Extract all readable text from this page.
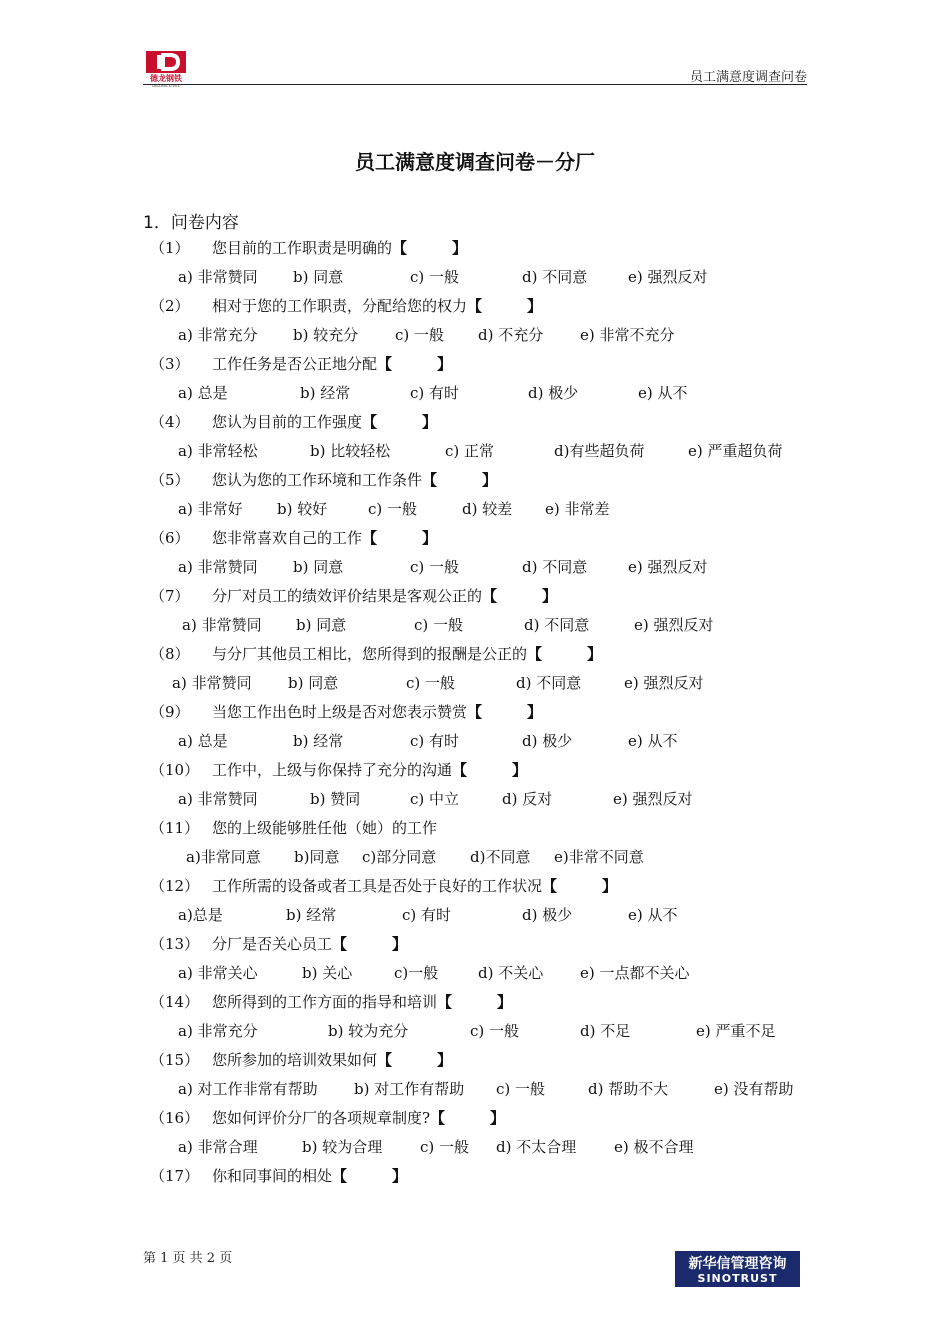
德龙钢铁
DELONG STEEL
员工满意度调查问卷
员工满意度调查问卷－分厂
1．问卷内容
（1） 您目前的工作职责是明确的【　　　】
a) 非常赞同 b) 同意	c) 一般	d) 不同意	e) 强烈反对
（2） 相对于您的工作职责，分配给您的权力【　　　】
a) 非常充分 b) 较充分 c) 一般 d) 不充分 e) 非常不充分
（3） 工作任务是否公正地分配【　　　】
a) 总是	b) 经常	c) 有时	d) 极少	e) 从不
（4） 您认为目前的工作强度【　　　】
a) 非常轻松	b) 比较轻松	c) 正常	d)有些超负荷	e) 严重超负荷
（5） 您认为您的工作环境和工作条件【　　　】
a) 非常好 b) 较好	c) 一般	d) 较差 e) 非常差
（6） 您非常喜欢自己的工作【　　　】
a) 非常赞同 b) 同意	c) 一般	d) 不同意	e) 强烈反对
（7） 分厂对员工的绩效评价结果是客观公正的【　　　】
a) 非常赞同 b) 同意	c) 一般	d) 不同意	e) 强烈反对
（8） 与分厂其他员工相比，您所得到的报酬是公正的【　　　】
a) 非常赞同 b) 同意	c) 一般	d) 不同意	e) 强烈反对
（9） 当您工作出色时上级是否对您表示赞赏【　　　】
a) 总是	b) 经常	c) 有时	d) 极少	e) 从不
（10） 工作中，上级与你保持了充分的沟通【　　　】
a) 非常赞同	b) 赞同	c) 中立	d) 反对	e) 强烈反对
（11） 您的上级能够胜任他（她）的工作
a)非常同意 b)同意 c)部分同意 d)不同意 e)非常不同意
（12） 工作所需的设备或者工具是否处于良好的工作状况【　　　】
a)总是	b) 经常	c) 有时	d) 极少	e) 从不
（13） 分厂是否关心员工【　　　】
a) 非常关心	b) 关心	c)一般	d) 不关心 e) 一点都不关心
（14） 您所得到的工作方面的指导和培训【　　　】
a) 非常充分	b) 较为充分	c) 一般	d) 不足	e) 严重不足
（15） 您所参加的培训效果如何【　　　】
a) 对工作非常有帮助 b) 对工作有帮助 c) 一般	d) 帮助不大	e) 没有帮助
（16） 您如何评价分厂的各项规章制度?【　　　】
a) 非常合理	b) 较为合理	c) 一般 d) 不太合理	e) 极不合理
（17） 你和同事间的相处【　　　】
第 1 页 共 2 页	新华信管理咨询
SINOTRUST
